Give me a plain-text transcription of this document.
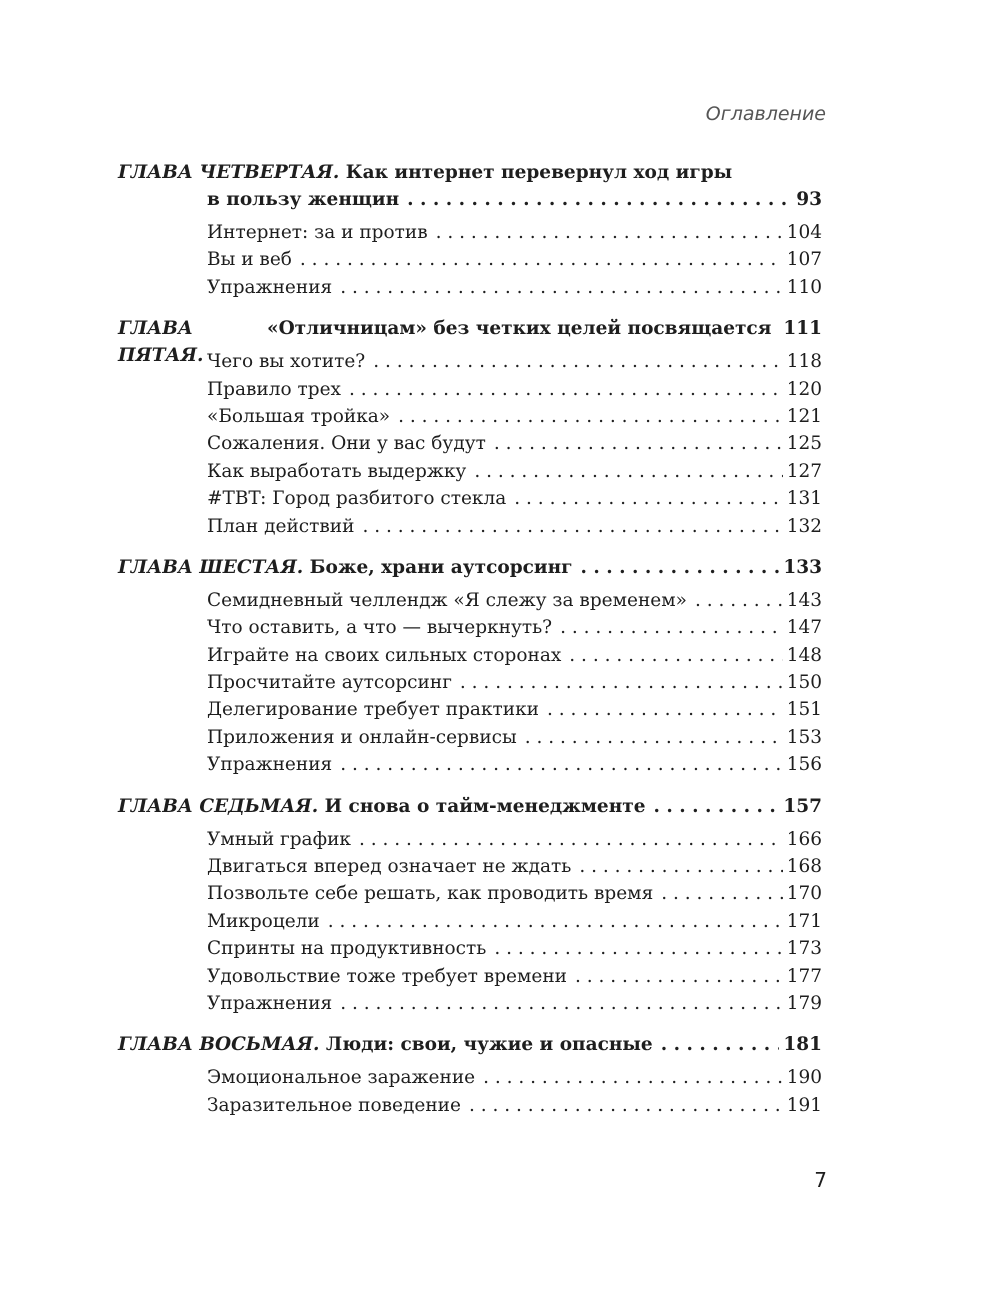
Оглавление
ГЛАВА ЧЕТВЕРТАЯ. Как интернет перевернул ход игры
в пользу женщин . . .	93
Интернет: за и против . . .	104
Вы и веб . . .	107
Упражнения . . .	110
ГЛАВА ПЯТАЯ.

«Отличницам» без четких целей посвящается 111
Чего вы хотите? . . .	118
Правило трех . . .	120
«Большая тройка» . . .	121
Сожаления. Они у вас будут . . .	125
Как выработать выдержку . . .	127
#TBT: Город разбитого стекла . . .	131
План действий . . .	132
ГЛАВА ШЕСТАЯ.
Боже, храни аутсорсинг . . .	133
Семидневный челлендж «Я слежу за временем» . . .	143
Что оставить, а что — вычеркнуть? . . .	147
Играйте на своих сильных сторонах . . .	148
Просчитайте аутсорсинг . . .	150
Делегирование требует практики . . .	151
Приложения и онлайн-сервисы . . .	153
Упражнения . . .	156
ГЛАВА СЕДЬМАЯ.
И снова о тайм-менеджменте . . .	157
Умный график . . .	166
Двигаться вперед означает не ждать . . .	168
Позвольте себе решать, как проводить время . . .	170
Микроцели . . .	171
Спринты на продуктивность . . .	173
Удовольствие тоже требует времени . . .	177
Упражнения . . .	179
ГЛАВА ВОСЬМАЯ.
Люди: свои, чужие и опасные . . .	181
Эмоциональное заражение . . .	190
Заразительное поведение . . .	191
7
